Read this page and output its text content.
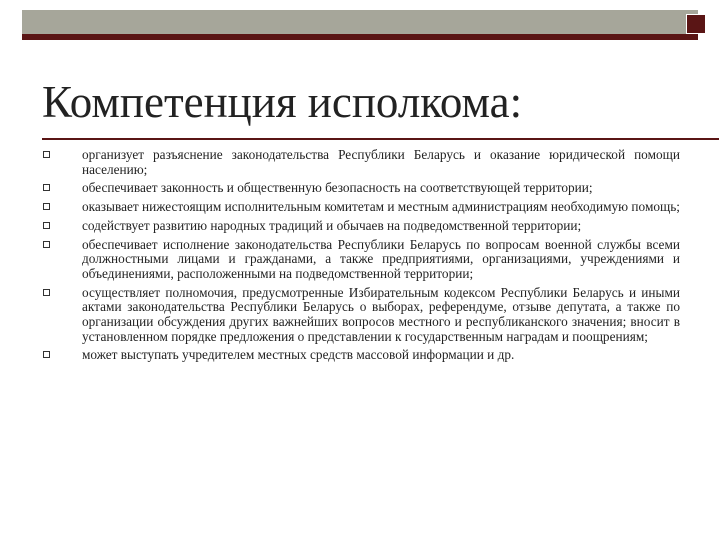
Компетенция исполкома:
организует разъяснение законодательства Республики Беларусь и оказание юридической помощи населению;
обеспечивает законность и общественную безопасность на соответствующей территории;
оказывает нижестоящим исполнительным комитетам и местным администрациям необходимую помощь;
содействует развитию народных традиций и обычаев на подведомственной территории;
обеспечивает исполнение законодательства Республики Беларусь по вопросам военной службы всеми должностными лицами и гражданами, а также предприятиями, организациями, учреждениями и объединениями, расположенными на подведомственной территории;
осуществляет полномочия, предусмотренные Избирательным кодексом Республики Беларусь и иными актами законодательства Республики Беларусь о выборах, референдуме, отзыве депутата, а также по организации обсуждения других важнейших вопросов местного и республиканского значения; вносит в установленном порядке предложения о представлении к государственным наградам и поощрениям;
может выступать учредителем местных средств массовой информации и др.
